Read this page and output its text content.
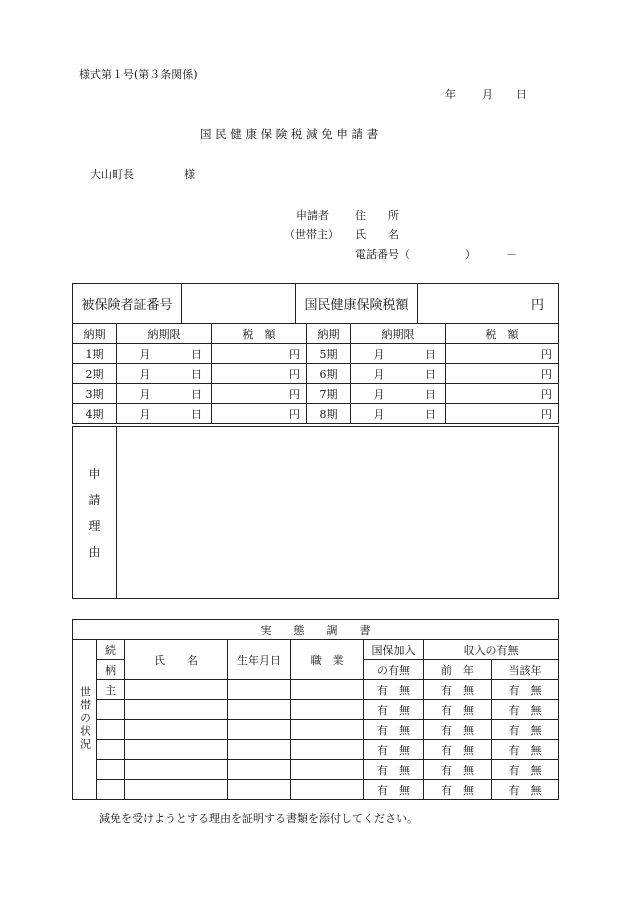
様式第１号(第３条関係)
年 月 日
国 民 健 康 保 険 税 減 免 申 請 書
大山町長	様
申請者 住　　所
（世帯主） 氏　　名
電話番号（	）	－
被保険者証番号		国民健康保険税額	円
納期	納期限	税　額	納期	納期限	税　額
1期	月 日	円	5期	月 日	円
2期	月 日	円	6期	月 日	円
3期	月 日	円	7期	月 日	円
4期	月 日	円	8期	月 日	円
申
請
理
由

実　　態　　調　　書							
世帯の状況	続	氏　　名	生年月日	職　業	国保加入	収入の有無	
	柄				の有無	前　年	当該年
	主				有　 無	有　 無	有　 無
					有　 無	有　 無	有　 無
					有　 無	有　 無	有　 無
					有　 無	有　 無	有　 無
					有　 無	有　 無	有　 無
					有　 無	有　 無	有　 無
減免を受けようとする理由を証明する書類を添付してください。
